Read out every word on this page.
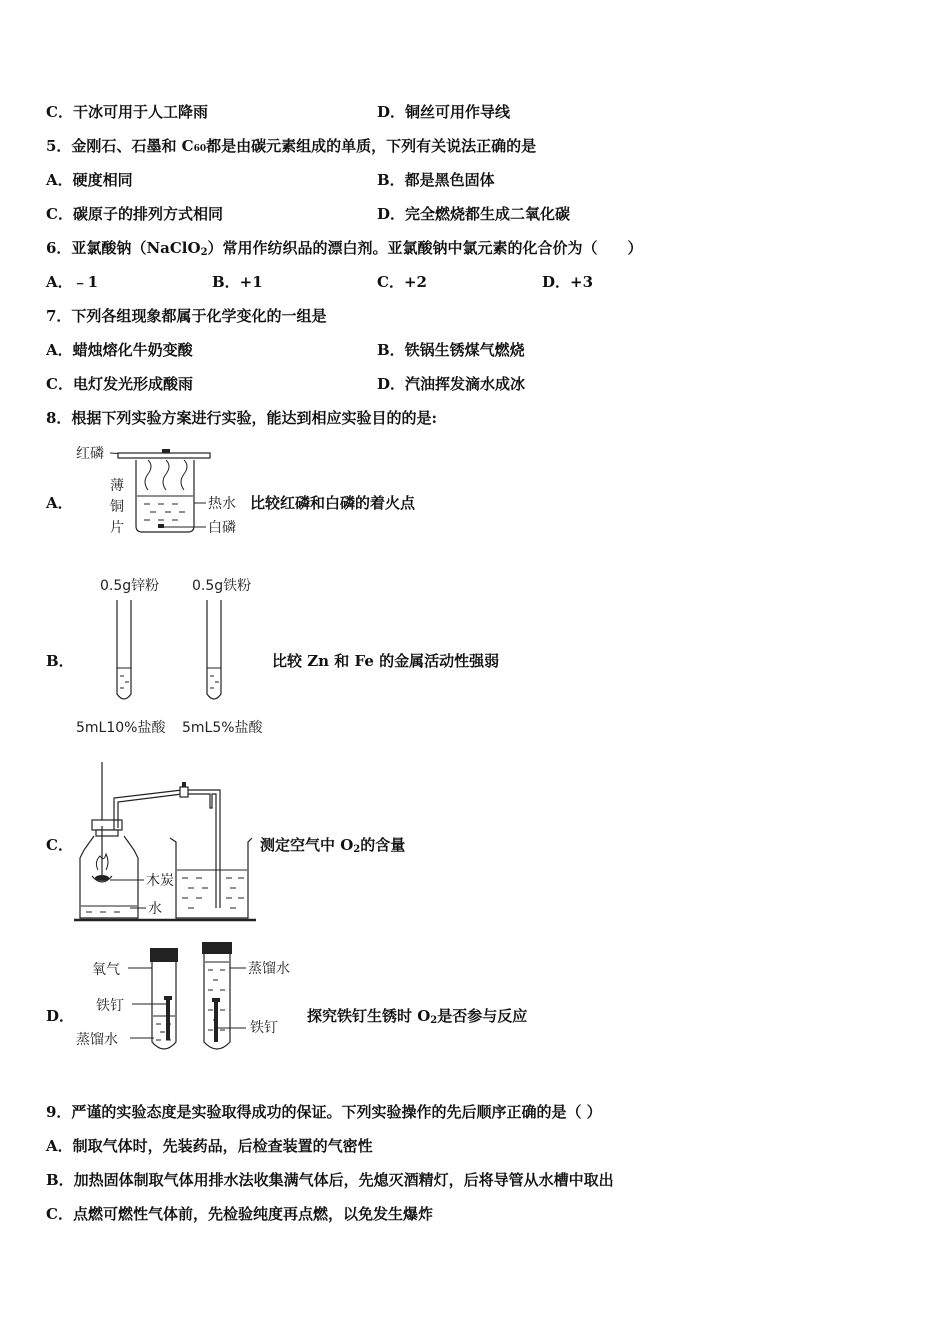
C．干冰可用于人工降雨	D．铜丝可用作导线
5．金刚石、石墨和 C60都是由碳元素组成的单质，下列有关说法正确的是
A．硬度相同	B．都是黑色固体
C．碳原子的排列方式相同	D．完全燃烧都生成二氧化碳
6．亚氯酸钠（NaClO$_2$）常用作纺织品的漂白剂。亚氯酸钠中氯元素的化合价为（　　）
A．﹣1	B．+1	C．+2	D．+3
7．下列各组现象都属于化学变化的一组是
A．蜡烛熔化牛奶变酸	B．铁锅生锈煤气燃烧
C．电灯发光形成酸雨	D．汽油挥发滴水成冰
8．根据下列实验方案进行实验，能达到相应实验目的的是:
A．
红磷
薄
铜
片
热水
白磷
比较红磷和白磷的着火点
B．
0.5g锌粉 0.5g铁粉
5mL10%盐酸 5mL5%盐酸
比较 Zn 和 Fe 的金属活动性强弱
C．
木炭
水
测定空气中 $O_2$的含量
D．
氧气
铁钉
蒸馏水
蒸馏水
铁钉
探究铁钉生锈时 $O_2$是否参与反应
9．严谨的实验态度是实验取得成功的保证。下列实验操作的先后顺序正确的是（ ）
A．制取气体时，先装药品，后检查装置的气密性
B．加热固体制取气体用排水法收集满气体后，先熄灭酒精灯，后将导管从水槽中取出
C．点燃可燃性气体前，先检验纯度再点燃，以免发生爆炸
